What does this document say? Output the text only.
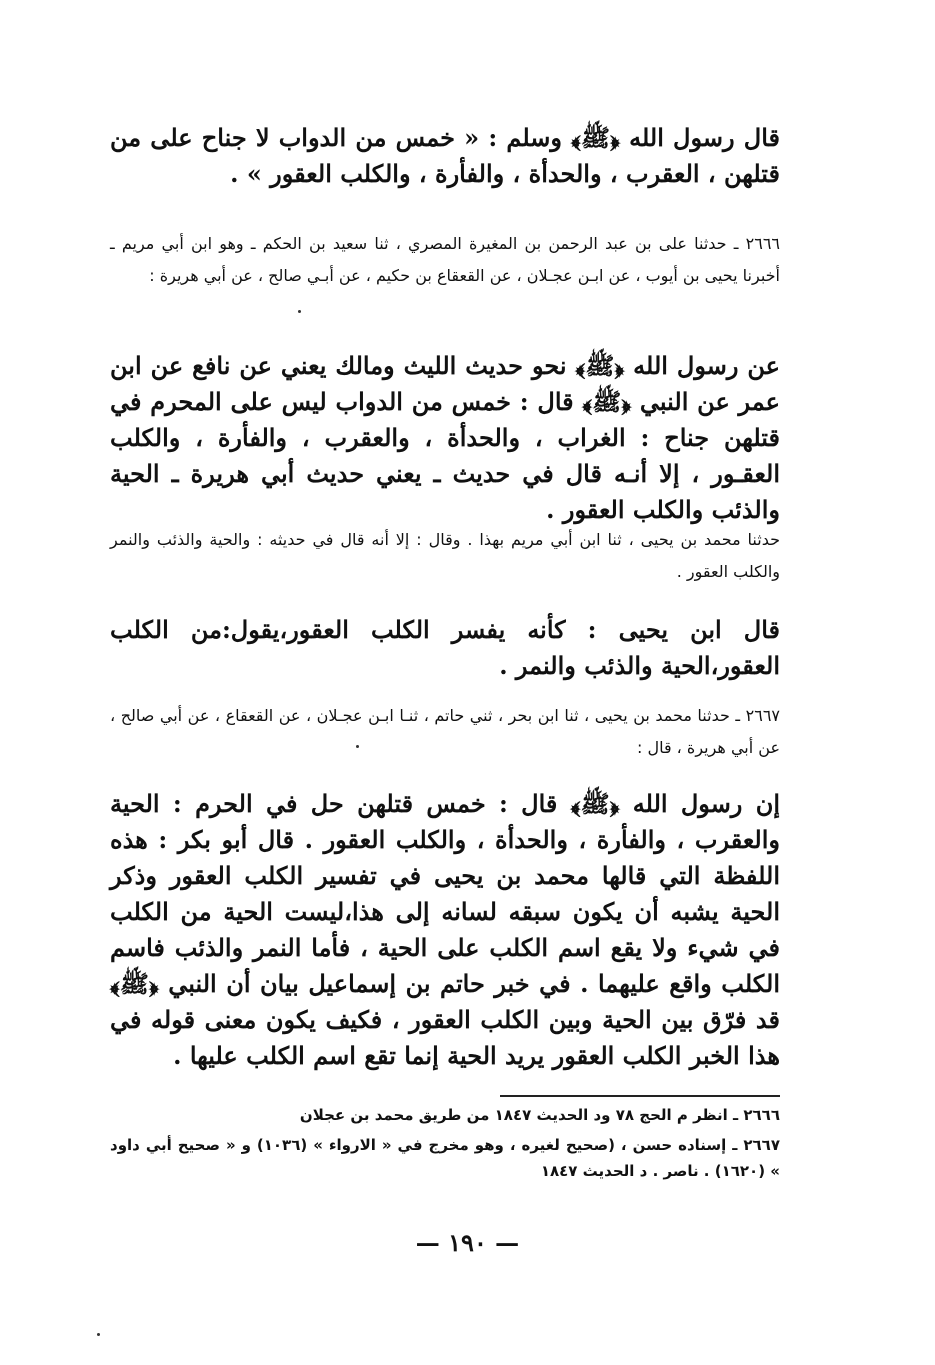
قال رسول الله ﴿ﷺ﴾ وسلم : « خمس من الدواب لا جناح على من قتلهن ، العقرب ، والحدأة ، والفأرة ، والكلب العقور » .

٢٦٦٦ ـ حدثنا على بن عبد الرحمن بن المغيرة المصري ، ثنا سعيد بن الحكم ـ وهو ابن أبي مريم ـ أخبرنا يحيى بن أيوب ، عن ابـن عجـلان ، عن القعقاع بن حكيم ، عن أبـي صالح ، عن أبي هريرة :

عن رسول الله ﴿ﷺ﴾ نحو حديث الليث ومالك يعني عن نافع عن ابن عمر عن النبي ﴿ﷺ﴾ قال : خمس من الدواب ليس على المحرم في قتلهن جناح : الغراب ، والحدأة ، والعقرب ، والفأرة ، والكلب العقـور ، إلا أنـه قال في حديث ـ يعني حديث أبي هريرة ـ الحية والذئب والكلب العقور .

حدثنا محمد بن يحيى ، ثنا ابن أبي مريم بهذا . وقال : إلا أنه قال في حديثه : والحية والذئب والنمر والكلب العقور .

قال ابن يحيى : كأنه يفسر الكلب العقور،يقول:من الكلب العقور،الحية والذئب والنمر .

٢٦٦٧ ـ حدثنا محمد بن يحيى ، ثنا ابن بحر ، ثني حاتم ، ثنـا ابـن عجـلان ، عن القعقاع ، عن أبي صالح ، عن أبي هريرة ، قال :

إن رسول الله ﴿ﷺ﴾ قال : خمس قتلهن حل في الحرم : الحية والعقرب ، والفأرة ، والحدأة ، والكلب العقور . قال أبو بكر : هذه اللفظة التي قالها محمد بن يحيى في تفسير الكلب العقور وذكر الحية يشبه أن يكون سبقه لسانه إلى هذا،ليست الحية من الكلب في شيء ولا يقع اسم الكلب على الحية ، فأما النمر والذئب فاسم الكلب واقع عليهما . في خبر حاتم بن إسماعيل بيان أن النبي ﴿ﷺ﴾ قد فرّق بين الحية وبين الكلب العقور ، فكيف يكون معنى قوله في هذا الخبر الكلب العقور يريد الحية إنما تقع اسم الكلب عليها .

٢٦٦٦ ـ انظر م الحج ٧٨ ود الحديث ١٨٤٧ من طريق محمد بن عجلان

٢٦٦٧ ـ إسناده حسن ، (صحيح لغيره ، وهو مخرج في « الارواء » (١٠٣٦) و « صحيح أبي داود » (١٦٢٠) . ناصر . د الحديث ١٨٤٧

— ١٩٠ —
